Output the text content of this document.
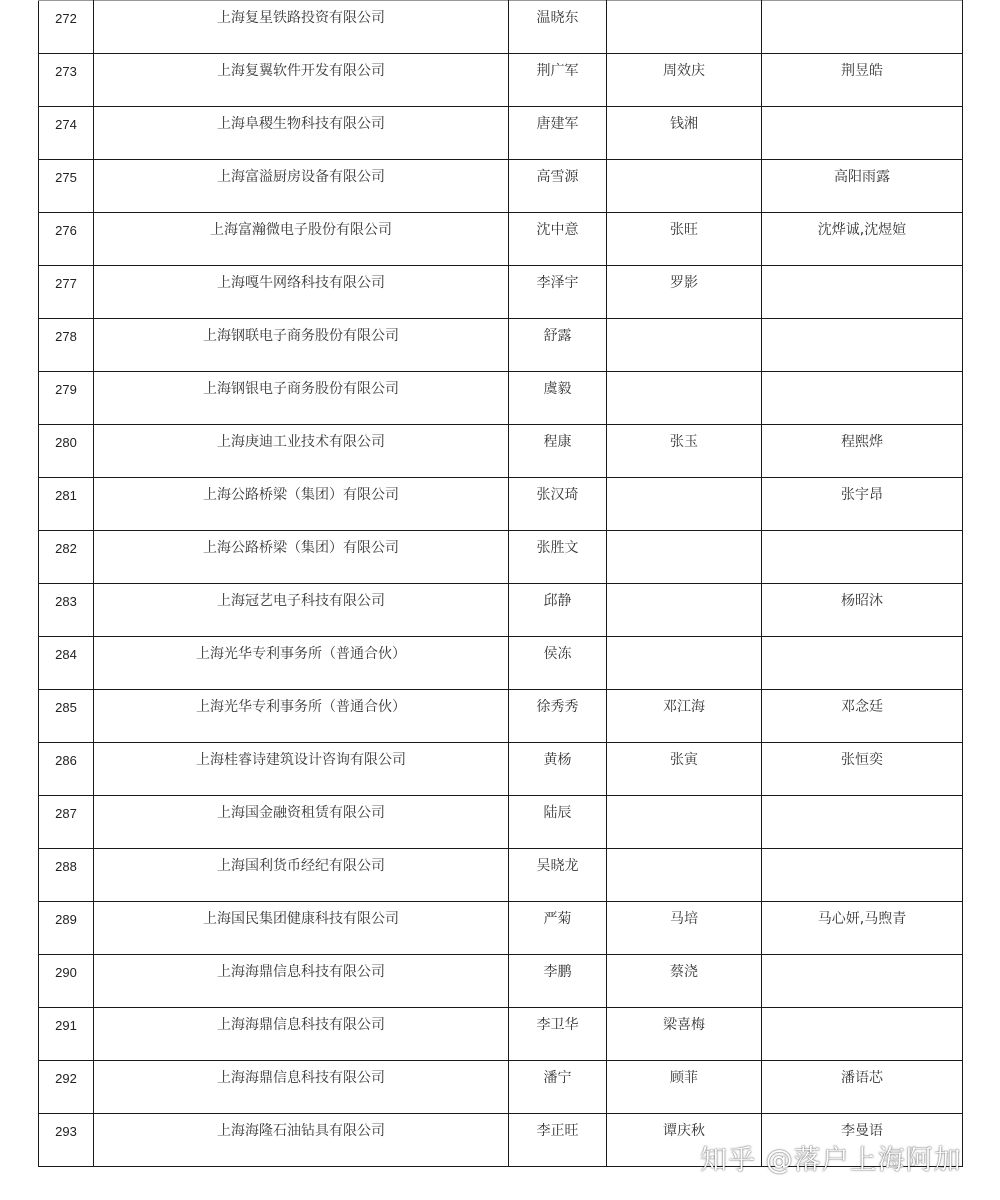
272	上海复星铁路投资有限公司	温晓东		

273	上海复翼软件开发有限公司	荆广军	周效庆	荆昱皓

274	上海阜稷生物科技有限公司	唐建军	钱湘	

275	上海富溢厨房设备有限公司	高雪源		高阳雨露

276	上海富瀚微电子股份有限公司	沈中意	张旺	沈烨诚,沈煜媗

277	上海嘎牛网络科技有限公司	李泽宇	罗影	

278	上海钢联电子商务股份有限公司	舒露		

279	上海钢银电子商务股份有限公司	虞毅		

280	上海庚迪工业技术有限公司	程康	张玉	程熙烨

281	上海公路桥梁（集团）有限公司	张汉琦		张宇昂

282	上海公路桥梁（集团）有限公司	张胜文		

283	上海冠艺电子科技有限公司	邱静		杨昭沐

284	上海光华专利事务所（普通合伙）	侯冻		

285	上海光华专利事务所（普通合伙）	徐秀秀	邓江海	邓念廷

286	上海桂睿诗建筑设计咨询有限公司	黄杨	张寅	张恒奕

287	上海国金融资租赁有限公司	陆辰		

288	上海国利货币经纪有限公司	吴晓龙		

289	上海国民集团健康科技有限公司	严菊	马培	马心妍,马煦青

290	上海海鼎信息科技有限公司	李鹏	蔡浇	

291	上海海鼎信息科技有限公司	李卫华	梁喜梅	

292	上海海鼎信息科技有限公司	潘宁	顾菲	潘语芯

293	上海海隆石油钻具有限公司	李正旺	谭庆秋	李曼语
知乎 @落户上海阿加
